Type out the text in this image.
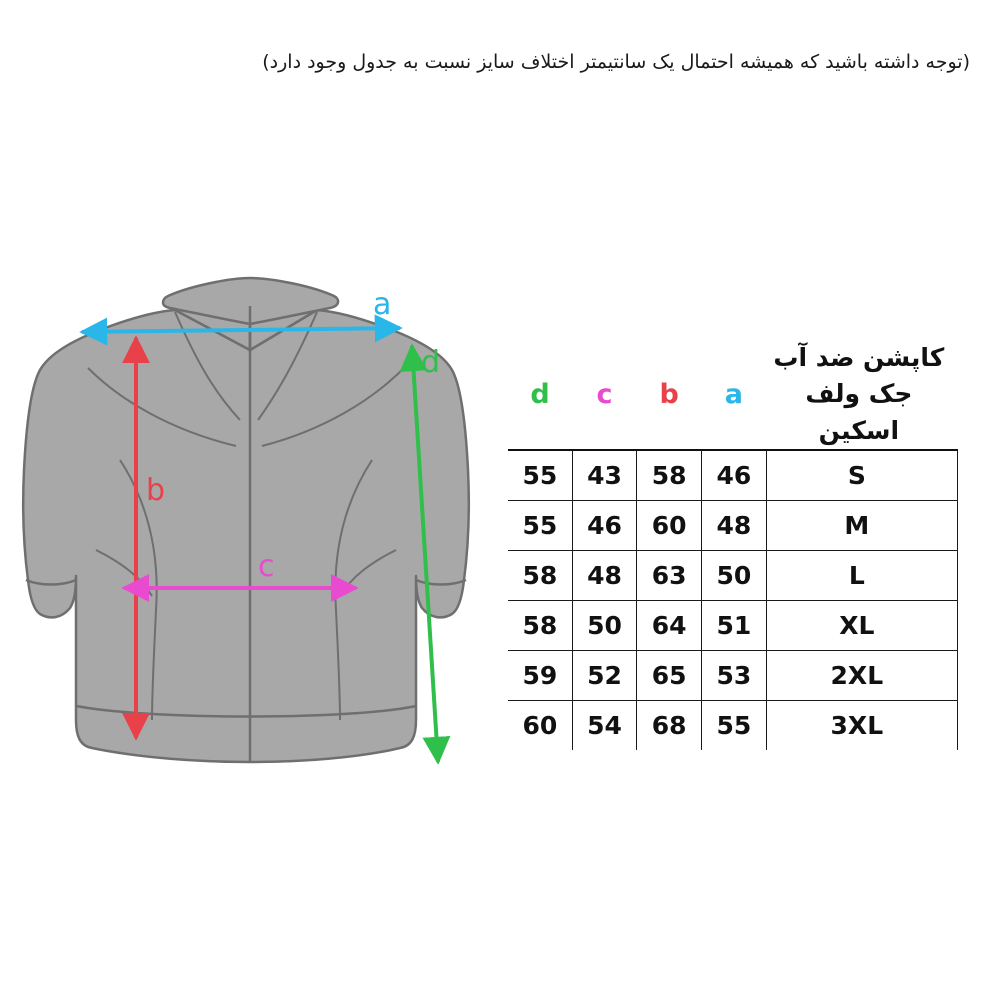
(توجه داشته باشید که همیشه احتمال یک سانتیمتر اختلاف سایز نسبت به جدول وجود دارد)
a
b
c
d
d	c	b	a	کاپشن ضد آب
جک ولف اسکین
55	43	58	46	S
55	46	60	48	M
58	48	63	50	L
58	50	64	51	XL
59	52	65	53	2XL
60	54	68	55	3XL
